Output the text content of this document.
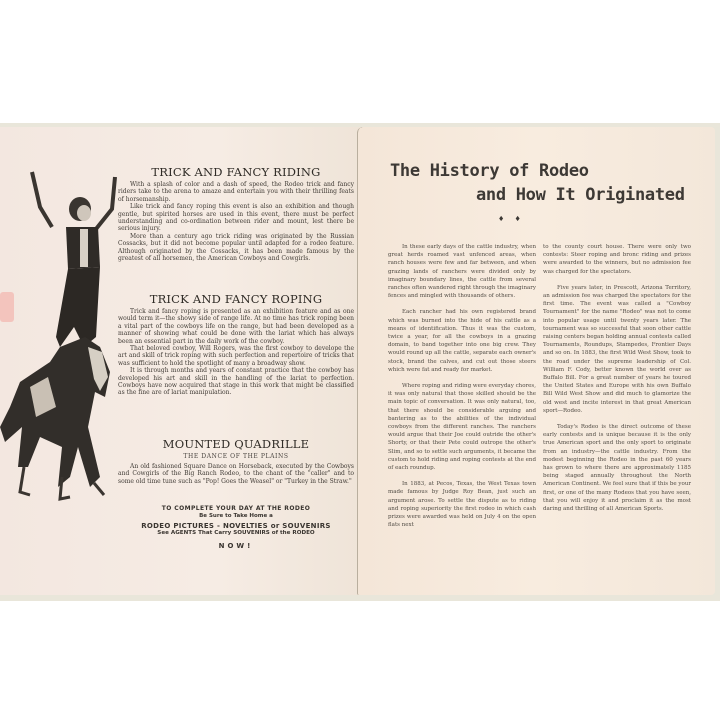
TRICK AND FANCY RIDING

With a splash of color and a dash of speed, the Rodeo trick and fancy riders take to the arena to amaze and entertain you with their thrilling feats of horsemanship.

Like trick and fancy roping this event is also an exhibition and though gentle, but spirited horses are used in this event, there must be perfect understanding and co-ordination between rider and mount, lest there be serious injury.

More than a century ago trick riding was originated by the Russian Cossacks, but it did not become popular until adapted for a rodeo feature. Although originated by the Cossacks, it has been made famous by the greatest of all horsemen, the American Cowboys and Cowgirls.

TRICK AND FANCY ROPING

Trick and fancy roping is presented as an exhibition feature and as one would term it—the showy side of range life. At no time has trick roping been a vital part of the cowboys life on the range, but had been developed as a manner of showing what could be done with the lariat which has always been an essential part in the daily work of the cowboy.

That beloved cowboy, Will Rogers, was the first cowboy to develope the art and skill of trick roping with such perfection and repertoire of tricks that was sufficient to hold the spotlight of many a broadway show.

It is through months and years of constant practice that the cowboy has developed his art and skill in the handling of the lariat to perfection. Cowboys have now acquired that stage in this work that might be classified as the fine are of lariat manipulation.

MOUNTED QUADRILLE
THE DANCE OF THE PLAINS

An old fashioned Square Dance on Horseback, executed by the Cowboys and Cowgirls of the Big Ranch Rodeo, to the chant of the "caller" and to some old time tune such as "Pop! Goes the Weasel" or "Turkey in the Straw."

TO COMPLETE YOUR DAY AT THE RODEO
Be Sure to Take Home a
RODEO PICTURES - NOVELTIES or SOUVENIRS
See AGENTS That Carry SOUVENIRS of the RODEO
NOW!
The History of Rodeo
and How It Originated
♦ ♦

In these early days of the cattle industry, when great herds roamed vast unfenced areas, when ranch houses were few and far between, and when grazing lands of ranchers were divided only by imaginary boundary lines, the cattle from several ranches often wandered right through the imaginary fences and mingled with thousands of others.

Each rancher had his own registered brand which was burned into the hide of his cattle as a means of identification. Thus it was the custom, twice a year, for all the cowboys in a grazing domain, to band together into one big crew. They would round up all the cattle, separate each owner's stock, brand the calves, and cut out those steers which were fat and ready for market.

Where roping and riding were everyday chores, it was only natural that those skilled should be the main topic of conversation. It was only natural, too, that there should be considerable arguing and bantering as to the abilities of the individual cowboys from the different ranches. The ranchers would argue that their Joe could outride the other's Shorty, or that their Pete could outrope the other's Slim, and so to settle such arguments, it became the custom to hold riding and roping contests at the end of each roundup.

In 1883, at Pecos, Texas, the West Texas town made famous by Judge Roy Bean, just such an argument arose. To settle the dispute as to riding and roping superiority the first rodeo in which cash prizes were awarded was held on July 4 on the open flats next

to the county court house. There were only two contests: Steer roping and bronc riding and prizes were awarded to the winners, but no admission fee was charged for the spectators.

Five years later, in Prescott, Arizona Territory, an admission fee was charged the spectators for the first time. The event was called a "Cowboy Tournament" for the name "Rodeo" was not to come into popular usage until twenty years later. The tournament was so successful that soon other cattle raising centers began holding annual contests called Tournaments, Roundups, Stampedes, Frontier Days and so on. In 1883, the first Wild West Show, took to the road under the supreme leadership of Col. William F. Cody, better known the world over as Buffalo Bill. For a great number of years he toured the United States and Europe with his own Buffalo Bill Wild West Show and did much to glamorize the old west and incite interest in that great American sport—Rodeo.

Today's Rodeo is the direct outcome of these early contests and is unique because it is the only true American sport and the only sport to originate from an industry—the cattle industry. From the modest beginning the Rodeo in the past 60 years has grown to where there are approximately 1185 being staged annually throughout the North American Continent. We feel sure that if this be your first, or one of the many Rodeos that you have seen, that you will enjoy it and proclaim it as the most daring and thrilling of all American Sports.
